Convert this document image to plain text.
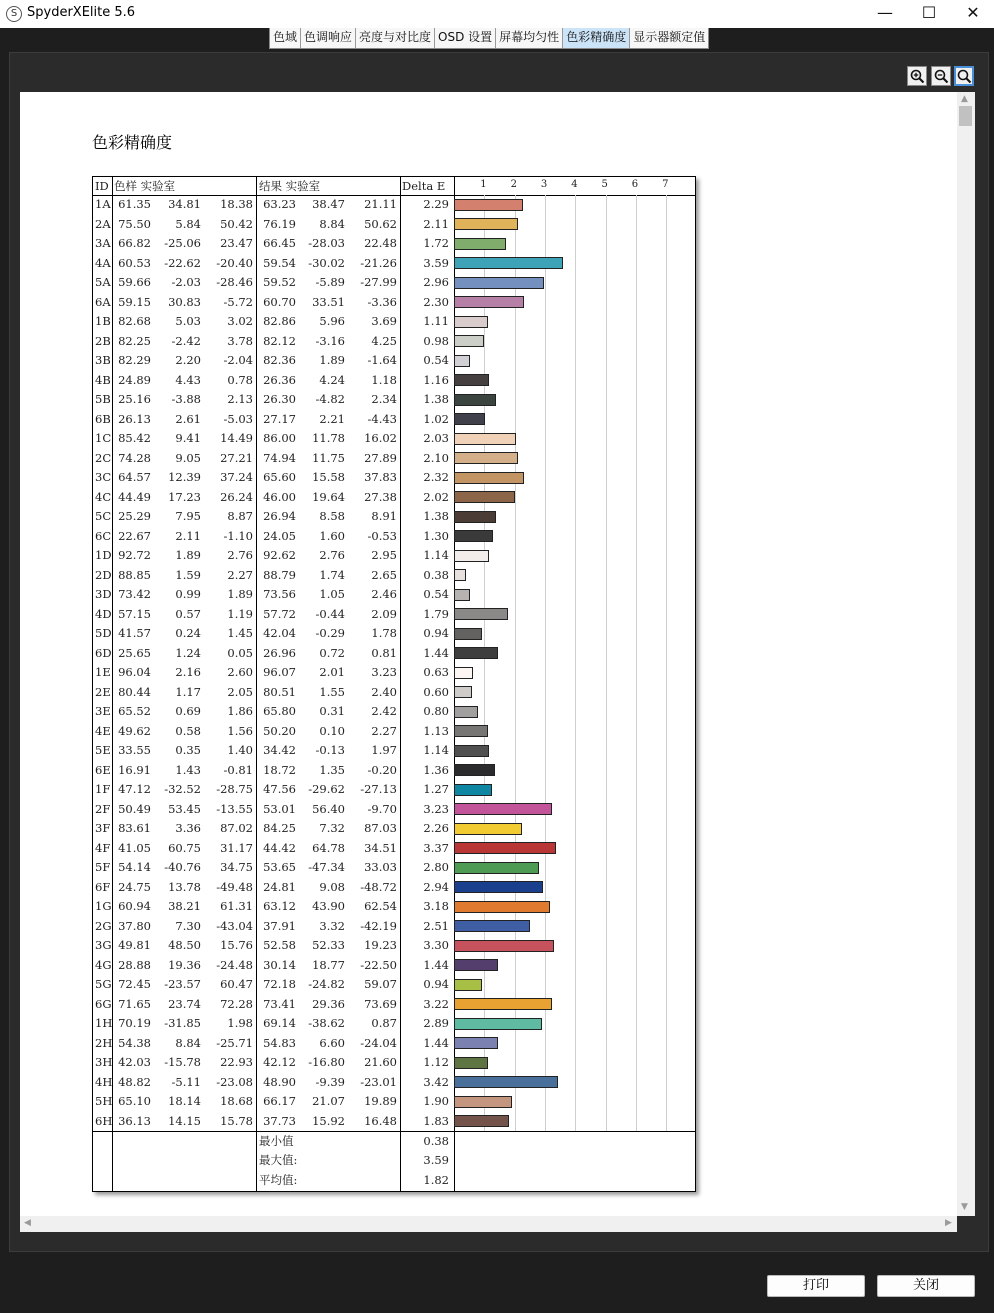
S SpyderXElite 5.6	—	☐	✕
色域 色调响应 亮度与对比度 OSD 设置 屏幕均匀性 色彩精确度 显示器额定值
色彩精确度
ID 色样 实验室	结果 实验室	Delta E	1 2 3 4 5 6 7
1A 61.35	34.81	18.38 63.23	38.47	21.11	2.29
2A 75.50	5.84	50.42 76.19	8.84	50.62	2.11
3A 66.82	-25.06	23.47 66.45	-28.03	22.48	1.72
4A 60.53	-22.62	-20.40 59.54	-30.02	-21.26	3.59
5A 59.66	-2.03	-28.46 59.52	-5.89	-27.99	2.96
6A 59.15	30.83	-5.72 60.70	33.51	-3.36	2.30
1B 82.68	5.03	3.02 82.86	5.96	3.69	1.11
2B 82.25	-2.42	3.78 82.12	-3.16	4.25	0.98
3B 82.29	2.20	-2.04 82.36	1.89	-1.64	0.54
4B 24.89	4.43	0.78 26.36	4.24	1.18	1.16
5B 25.16	-3.88	2.13 26.30	-4.82	2.34	1.38
6B 26.13	2.61	-5.03 27.17	2.21	-4.43	1.02
1C 85.42	9.41	14.49 86.00	11.78	16.02	2.03
2C 74.28	9.05	27.21 74.94	11.75	27.89	2.10
3C 64.57	12.39	37.24 65.60	15.58	37.83	2.32
4C 44.49	17.23	26.24 46.00	19.64	27.38	2.02
5C 25.29	7.95	8.87 26.94	8.58	8.91	1.38
6C 22.67	2.11	-1.10 24.05	1.60	-0.53	1.30
1D 92.72	1.89	2.76 92.62	2.76	2.95	1.14
2D 88.85	1.59	2.27 88.79	1.74	2.65	0.38
3D 73.42	0.99	1.89 73.56	1.05	2.46	0.54
4D 57.15	0.57	1.19 57.72	-0.44	2.09	1.79
5D 41.57	0.24	1.45 42.04	-0.29	1.78	0.94
6D 25.65	1.24	0.05 26.96	0.72	0.81	1.44
1E 96.04	2.16	2.60 96.07	2.01	3.23	0.63
2E 80.44	1.17	2.05 80.51	1.55	2.40	0.60
3E 65.52	0.69	1.86 65.80	0.31	2.42	0.80
4E 49.62	0.58	1.56 50.20	0.10	2.27	1.13
5E 33.55	0.35	1.40 34.42	-0.13	1.97	1.14
6E 16.91	1.43	-0.81 18.72	1.35	-0.20	1.36
1F 47.12	-32.52	-28.75 47.56	-29.62	-27.13	1.27
2F 50.49	53.45	-13.55 53.01	56.40	-9.70	3.23
3F 83.61	3.36	87.02 84.25	7.32	87.03	2.26
4F 41.05	60.75	31.17 44.42	64.78	34.51	3.37
5F 54.14	-40.76	34.75 53.65	-47.34	33.03	2.80
6F 24.75	13.78	-49.48 24.81	9.08	-48.72	2.94
1G 60.94	38.21	61.31 63.12	43.90	62.54	3.18
2G 37.80	7.30	-43.04 37.91	3.32	-42.19	2.51
3G 49.81	48.50	15.76 52.58	52.33	19.23	3.30
4G 28.88	19.36	-24.48 30.14	18.77	-22.50	1.44
5G 72.45	-23.57	60.47 72.18	-24.82	59.07	0.94
6G 71.65	23.74	72.28 73.41	29.36	73.69	3.22
1H 70.19	-31.85	1.98 69.14	-38.62	0.87	2.89
2H 54.38	8.84	-25.71 54.83	6.60	-24.04	1.44
3H 42.03	-15.78	22.93 42.12	-16.80	21.60	1.12
4H 48.82	-5.11	-23.08 48.90	-9.39	-23.01	3.42
5H 65.10	18.14	18.68 66.17	21.07	19.89	1.90
6H 36.13	14.15	15.78 37.73	15.92	16.48	1.83
最小值	0.38
最大值:	3.59
平均值:	1.82
▲
▼
◀	▶
打印	关闭
